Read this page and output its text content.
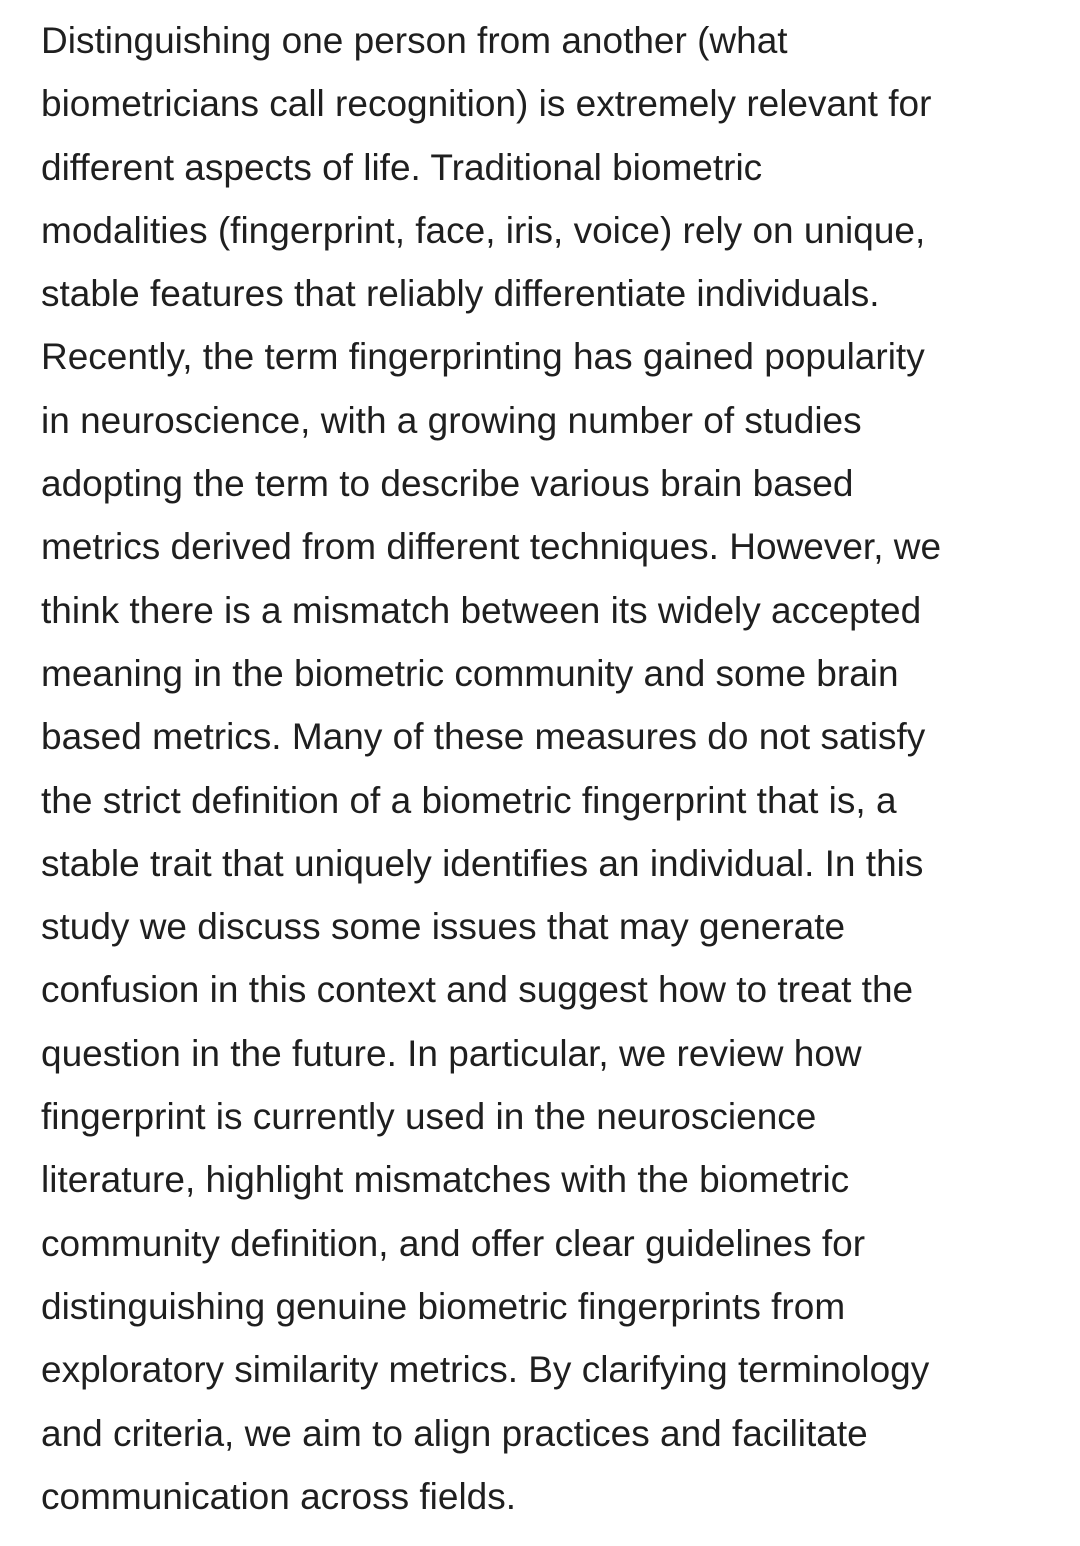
Distinguishing one person from another (what
biometricians call recognition) is extremely relevant for
different aspects of life. Traditional biometric
modalities (fingerprint, face, iris, voice) rely on unique,
stable features that reliably differentiate individuals.
Recently, the term fingerprinting has gained popularity
in neuroscience, with a growing number of studies
adopting the term to describe various brain based
metrics derived from different techniques. However, we
think there is a mismatch between its widely accepted
meaning in the biometric community and some brain
based metrics. Many of these measures do not satisfy
the strict definition of a biometric fingerprint that is, a
stable trait that uniquely identifies an individual. In this
study we discuss some issues that may generate
confusion in this context and suggest how to treat the
question in the future. In particular, we review how
fingerprint is currently used in the neuroscience
literature, highlight mismatches with the biometric
community definition, and offer clear guidelines for
distinguishing genuine biometric fingerprints from
exploratory similarity metrics. By clarifying terminology
and criteria, we aim to align practices and facilitate
communication across fields.
